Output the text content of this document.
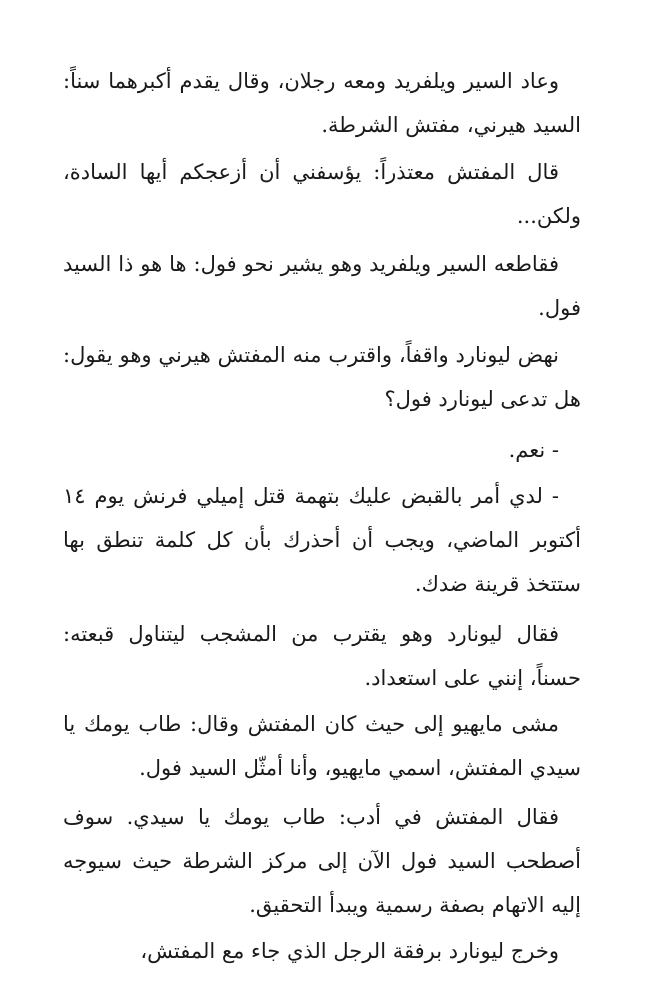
وعاد السير ويلفريد ومعه رجلان، وقال يقدم أكبرهما سناً: السيد هيرني، مفتش الشرطة.

قال المفتش معتذراً: يؤسفني أن أزعجكم أيها السادة، ولكن...

فقاطعه السير ويلفريد وهو يشير نحو فول: ها هو ذا السيد فول.

نهض ليونارد واقفاً، واقترب منه المفتش هيرني وهو يقول: هل تدعى ليونارد فول؟

- نعم.

- لدي أمر بالقبض عليك بتهمة قتل إميلي فرنش يوم ١٤ أكتوبر الماضي، ويجب أن أحذرك بأن كل كلمة تنطق بها ستتخذ قرينة ضدك.

فقال ليونارد وهو يقترب من المشجب ليتناول قبعته: حسناً، إنني على استعداد.

مشى مايهيو إلى حيث كان المفتش وقال: طاب يومك يا سيدي المفتش، اسمي مايهيو، وأنا أمثّل السيد فول.

فقال المفتش في أدب: طاب يومك يا سيدي. سوف أصطحب السيد فول الآن إلى مركز الشرطة حيث سيوجه إليه الاتهام بصفة رسمية ويبدأ التحقيق.

وخرج ليونارد برفقة الرجل الذي جاء مع المفتش،
